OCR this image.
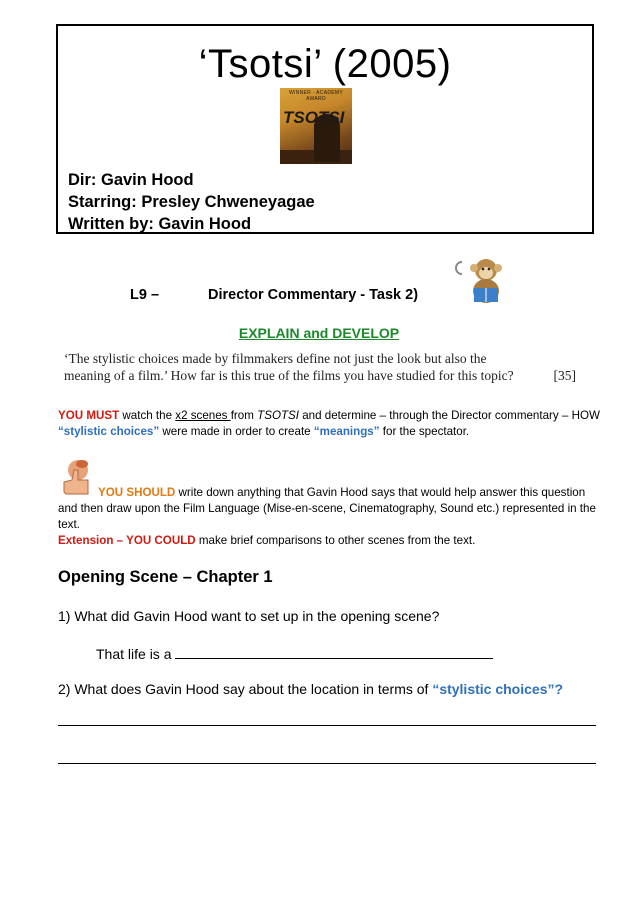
‘Tsotsi’ (2005)
WINNER · ACADEMY AWARD
TSOTSI
Dir: Gavin Hood
Starring: Presley Chweneyagae
Written by: Gavin Hood
L9 –	Director Commentary - Task 2)
EXPLAIN and DEVELOP
‘The stylistic choices made by filmmakers define not just the look but also the meaning of a film.’ How far is this true of the films you have studied for this topic?	[35]
YOU MUST watch the x2 scenes from TSOTSI and determine – through the Director commentary – HOW “stylistic choices” were made in order to create “meanings” for the spectator.
YOU SHOULD write down anything that Gavin Hood says that would help answer this question and then draw upon the Film Language (Mise-en-scene, Cinematography, Sound etc.) represented in the text.
Extension – YOU COULD make brief comparisons to other scenes from the text.
Opening Scene – Chapter 1
1) What did Gavin Hood want to set up in the opening scene?
That life is a
2) What does Gavin Hood say about the location in terms of “stylistic choices”?
